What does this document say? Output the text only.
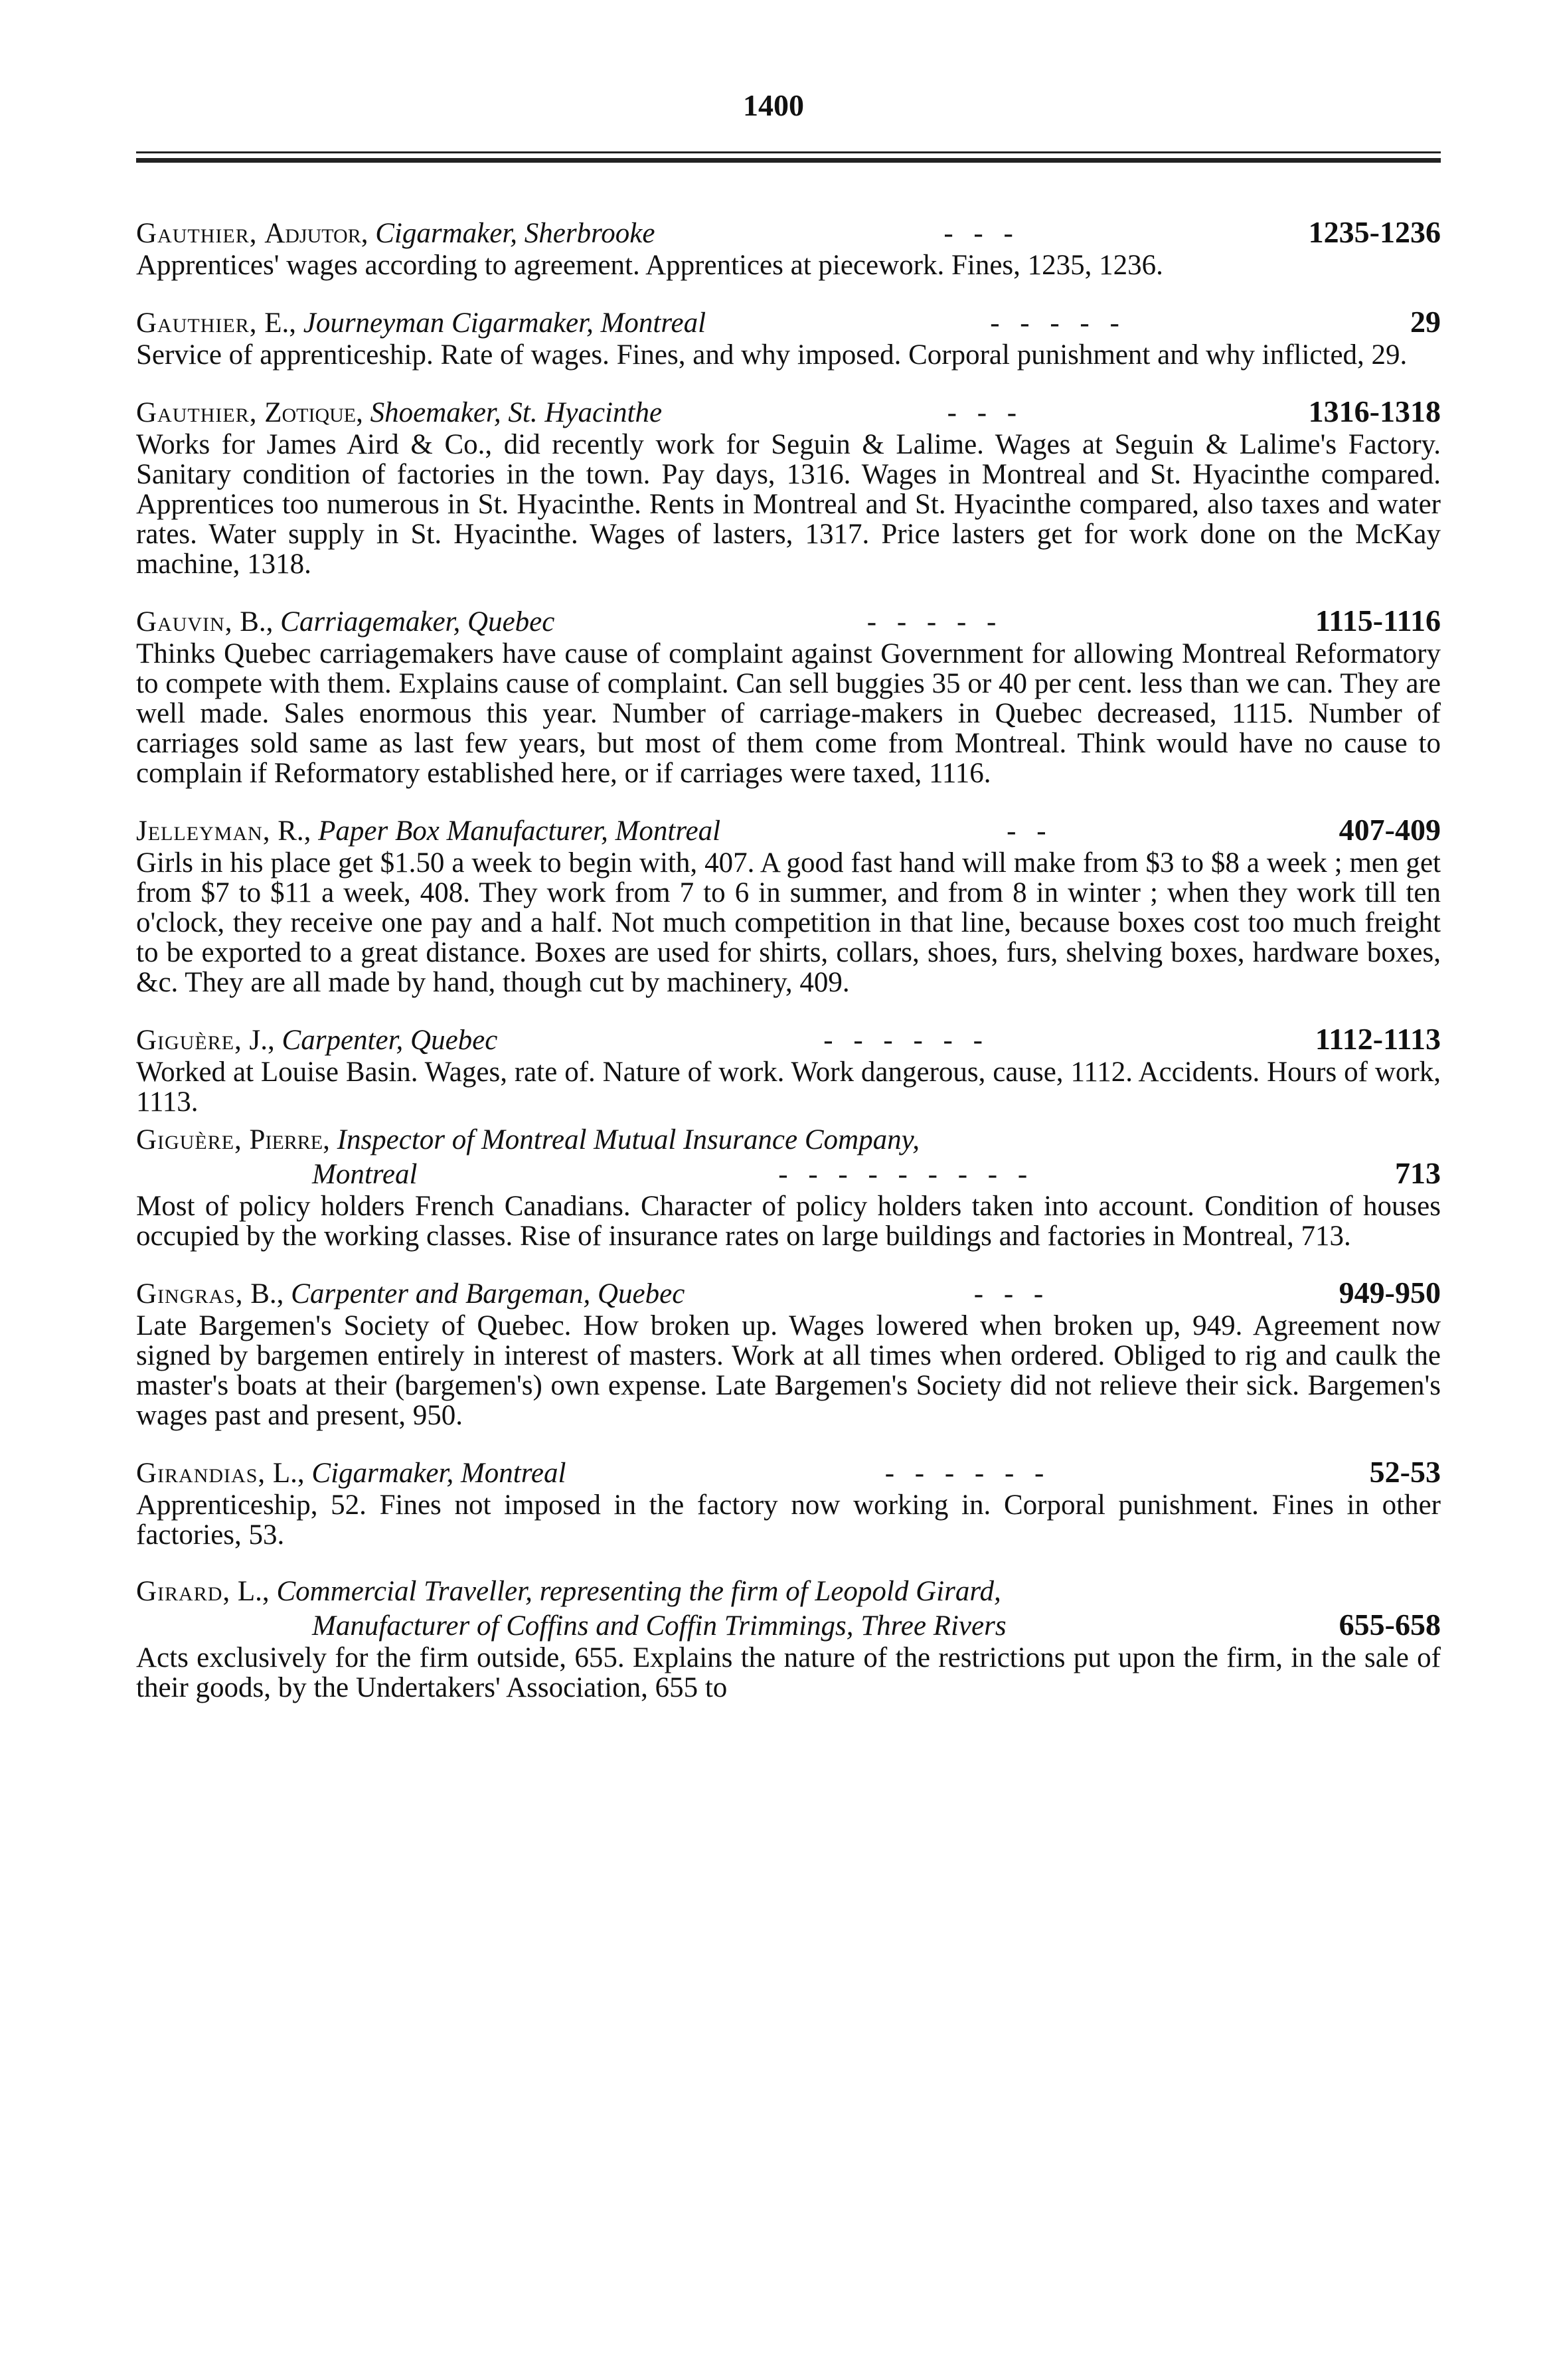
1400
Gauthier, Adjutor, Cigarmaker, Sherbrooke	- - -	1235-1236
Apprentices' wages according to agreement. Apprentices at piecework. Fines, 1235, 1236.
Gauthier, E., Journeyman Cigarmaker, Montreal	- - - - -	29
Service of apprenticeship. Rate of wages. Fines, and why imposed. Corporal punishment and why inflicted, 29.
Gauthier, Zotique, Shoemaker, St. Hyacinthe	- - -	1316-1318
Works for James Aird & Co., did recently work for Seguin & Lalime. Wages at Seguin & Lalime's Factory. Sanitary condition of factories in the town. Pay days, 1316. Wages in Montreal and St. Hyacinthe compared. Apprentices too numerous in St. Hyacinthe. Rents in Montreal and St. Hyacinthe compared, also taxes and water rates. Water supply in St. Hyacinthe. Wages of lasters, 1317. Price lasters get for work done on the McKay machine, 1318.
Gauvin, B., Carriagemaker, Quebec	- - - - -	1115-1116
Thinks Quebec carriagemakers have cause of complaint against Government for allowing Montreal Reformatory to compete with them. Explains cause of complaint. Can sell buggies 35 or 40 per cent. less than we can. They are well made. Sales enormous this year. Number of carriage-makers in Quebec decreased, 1115. Number of carriages sold same as last few years, but most of them come from Montreal. Think would have no cause to complain if Reformatory established here, or if carriages were taxed, 1116.
Jelleyman, R., Paper Box Manufacturer, Montreal	- -	407-409
Girls in his place get $1.50 a week to begin with, 407. A good fast hand will make from $3 to $8 a week ; men get from $7 to $11 a week, 408. They work from 7 to 6 in summer, and from 8 in winter ; when they work till ten o'clock, they receive one pay and a half. Not much competition in that line, because boxes cost too much freight to be exported to a great distance. Boxes are used for shirts, collars, shoes, furs, shelving boxes, hardware boxes, &c. They are all made by hand, though cut by machinery, 409.
Giguère, J., Carpenter, Quebec	- - - - - -	1112-1113
Worked at Louise Basin. Wages, rate of. Nature of work. Work dangerous, cause, 1112. Accidents. Hours of work, 1113.
Giguère, Pierre, Inspector of Montreal Mutual Insurance Company,
Montreal	- - - - - - - - -	713
Most of policy holders French Canadians. Character of policy holders taken into account. Condition of houses occupied by the working classes. Rise of insurance rates on large buildings and factories in Montreal, 713.
Gingras, B., Carpenter and Bargeman, Quebec	- - -	949-950
Late Bargemen's Society of Quebec. How broken up. Wages lowered when broken up, 949. Agreement now signed by bargemen entirely in interest of masters. Work at all times when ordered. Obliged to rig and caulk the master's boats at their (bargemen's) own expense. Late Bargemen's Society did not relieve their sick. Bargemen's wages past and present, 950.
Girandias, L., Cigarmaker, Montreal	- - - - - -	52-53
Apprenticeship, 52. Fines not imposed in the factory now working in. Corporal punishment. Fines in other factories, 53.
Girard, L., Commercial Traveller, representing the firm of Leopold Girard,
Manufacturer of Coffins and Coffin Trimmings, Three Rivers	655-658
Acts exclusively for the firm outside, 655. Explains the nature of the restrictions put upon the firm, in the sale of their goods, by the Undertakers' Association, 655 to
